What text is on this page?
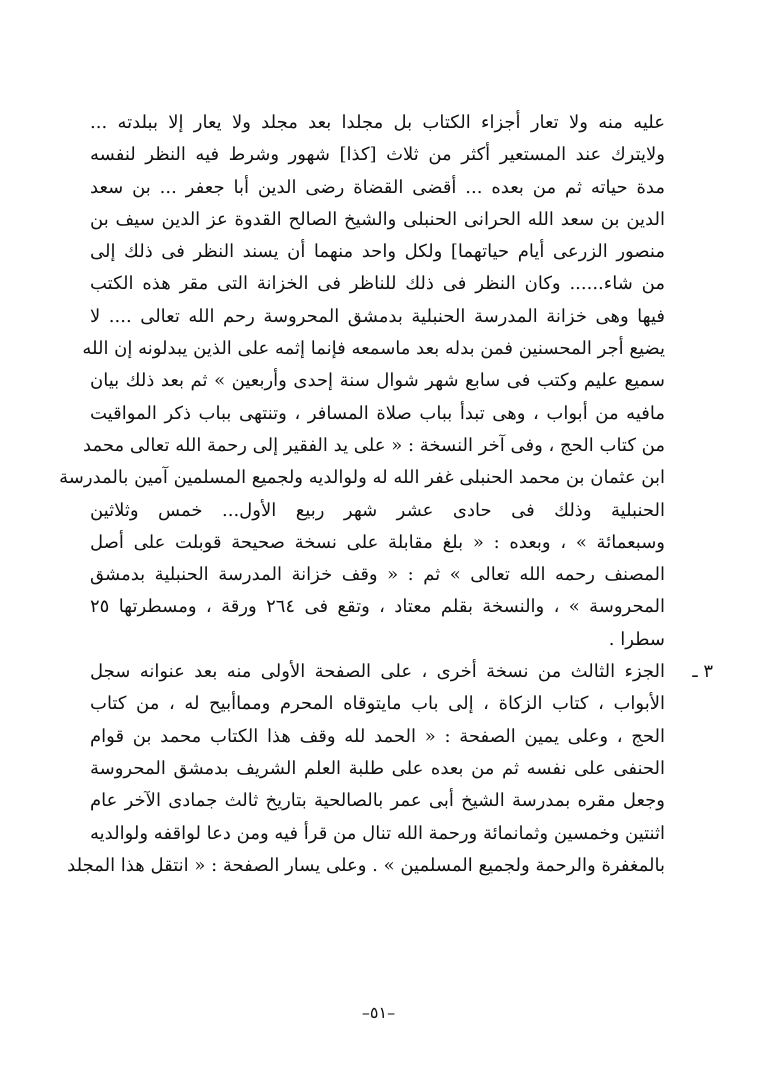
عليه منه ولا تعار أجزاء الكتاب بل مجلدا بعد مجلد ولا يعار إلا ببلدته ...
ولايترك عند المستعير أكثر من ثلاث [كذا] شهور وشرط فيه النظر لنفسه
مدة حياته ثم من بعده ... أقضى القضاة رضى الدين أبا جعفر ... بن سعد
الدين بن سعد الله الحرانى الحنبلى والشيخ الصالح القدوة عز الدين سيف بن
منصور الزرعى أيام حياتهما] ولكل واحد منهما أن يسند النظر فى ذلك إلى
من شاء...... وكان النظر فى ذلك للناظر فى الخزانة التى مقر هذه الكتب
فيها وهى خزانة المدرسة الحنبلية بدمشق المحروسة رحم الله تعالى .... لا
يضيع أجر المحسنين فمن بدله بعد ماسمعه فإنما إثمه على الذين يبدلونه إن الله
سميع عليم وكتب فى سابع شهر شوال سنة إحدى وأربعين » ثم بعد ذلك بيان
مافيه من أبواب ، وهى تبدأ بباب صلاة المسافر ، وتنتهى بباب ذكر المواقيت
من كتاب الحج ، وفى آخر النسخة : « على يد الفقير إلى رحمة الله تعالى محمد
ابن عثمان بن محمد الحنبلى غفر الله له ولوالديه ولجميع المسلمين آمين بالمدرسة
الحنبلية وذلك فى حادى عشر شهر ربيع الأول... خمس وثلاثين
وسبعمائة » ، وبعده : « بلغ مقابلة على نسخة صحيحة قوبلت على أصل
المصنف رحمه الله تعالى » ثم : « وقف خزانة المدرسة الحنبلية بدمشق
المحروسة » ، والنسخة بقلم معتاد ، وتقع فى ٢٦٤ ورقة ، ومسطرتها ٢٥
سطرا .
٣ ـ
الجزء الثالث من نسخة أخرى ، على الصفحة الأولى منه بعد عنوانه سجل
الأبواب ، كتاب الزكاة ، إلى باب مايتوقاه المحرم ومماأبيح له ، من كتاب
الحج ، وعلى يمين الصفحة : « الحمد لله وقف هذا الكتاب محمد بن قوام
الحنفى على نفسه ثم من بعده على طلبة العلم الشريف بدمشق المحروسة
وجعل مقره بمدرسة الشيخ أبى عمر بالصالحية بتاريخ ثالث جمادى الآخر عام
اثنتين وخمسين وثمانمائة ورحمة الله تنال من قرأ فيه ومن دعا لواقفه ولوالديه
بالمغفرة والرحمة ولجميع المسلمين » . وعلى يسار الصفحة : « انتقل هذا المجلد
–٥١–
